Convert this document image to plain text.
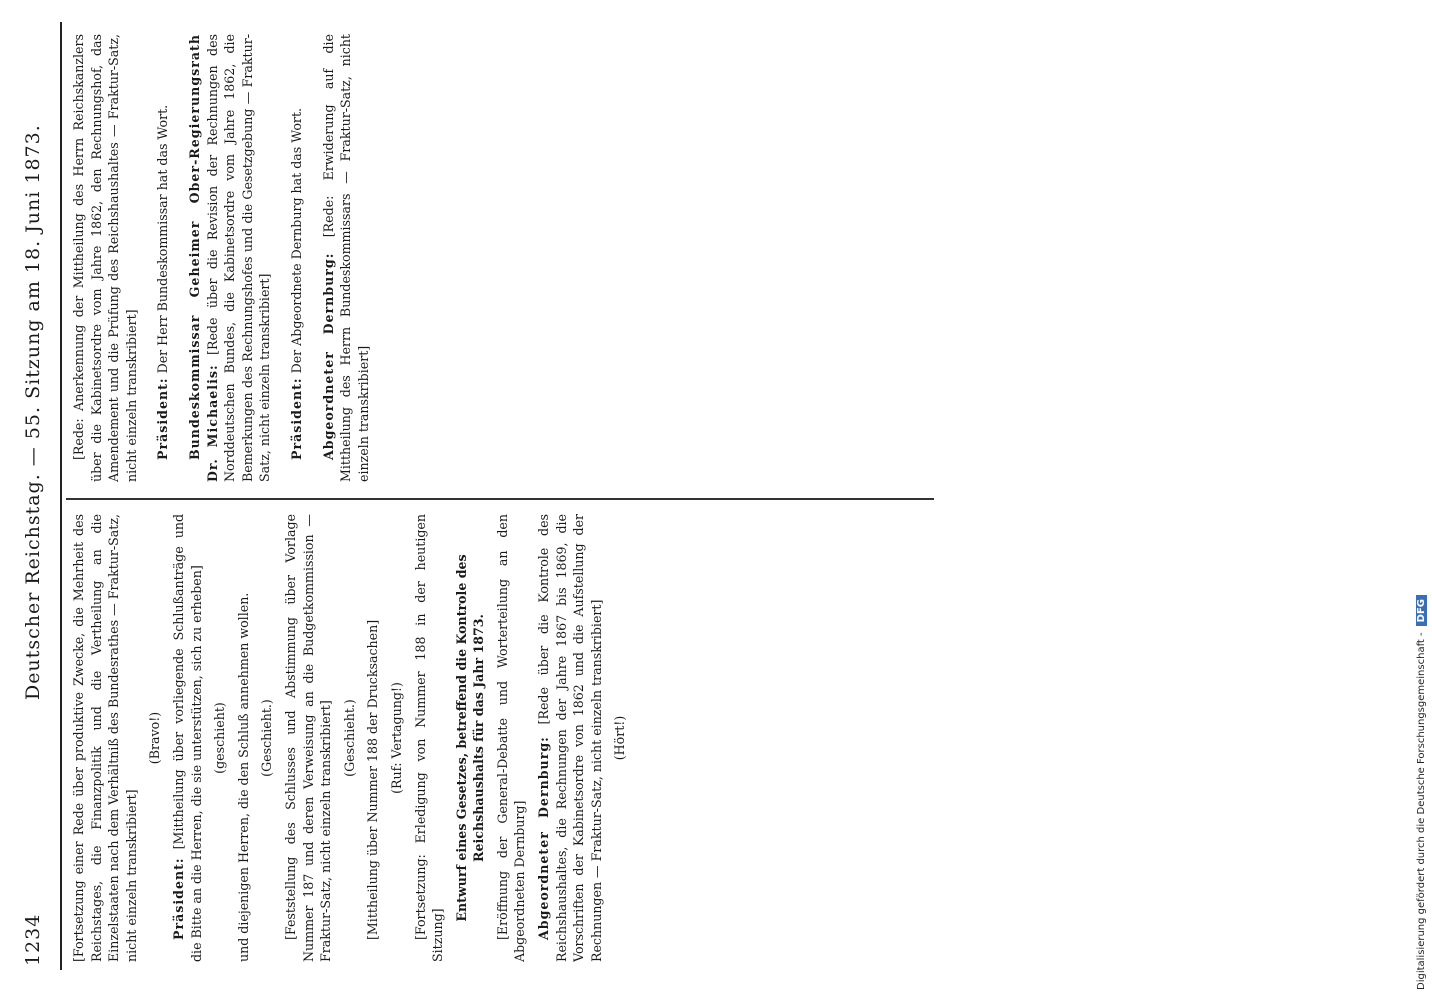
1234
Deutscher Reichstag. — 55. Sitzung am 18. Juni 1873.

[Fortsetzung einer Rede über produktive Zwecke, die Mehrheit des Reichstages, die Finanzpolitik und die Vertheilung an die Einzelstaaten nach dem Verhältniß des Bundesrathes — Fraktur-Satz, nicht einzeln transkribiert]

(Bravo!)

Präsident: [Mittheilung über vorliegende Schlußanträge und die Bitte an die Herren, die sie unterstützen, sich zu erheben] (geschieht) und diejenigen Herren, die den Schluß annehmen wollen. (Geschieht.) [Feststellung des Schlusses und Abstimmung über Vorlage Nummer 187 und deren Verweisung an die Budgetkommission — Fraktur-Satz, nicht einzeln transkribiert] (Geschieht.) [Mittheilung über Nummer 188 der Drucksachen] (Ruf: Vertagung!) [Fortsetzung: Erledigung von Nummer 188 in der heutigen Sitzung]

Entwurf eines Gesetzes, betreffend die Kontrole des Reichshaushalts für das Jahr 1873. [Eröffnung der General-Debatte und Worterteilung an den Abgeordneten Dernburg] Abgeordneter Dernburg: [Rede über die Kontrole des Reichshaushaltes, die Rechnungen der Jahre 1867 bis 1869, die Vorschriften der Kabinetsordre von 1862 und die Aufstellung der Rechnungen — Fraktur-Satz, nicht einzeln transkribiert] (Hört!)

[Rede: Anerkennung der Mittheilung des Herrn Reichskanzlers über die Kabinetsordre vom Jahre 1862, den Rechnungshof, das Amendement und die Prüfung des Reichshaushaltes — Fraktur-Satz, nicht einzeln transkribiert] Präsident: Der Herr Bundeskommissar hat das Wort. Bundeskommissar Geheimer Ober-Regierungsrath Dr. Michaelis: [Rede über die Revision der Rechnungen des Norddeutschen Bundes, die Kabinetsordre vom Jahre 1862, die Bemerkungen des Rechnungshofes und die Gesetzgebung — Fraktur-Satz, nicht einzeln transkribiert] Präsident: Der Abgeordnete Dernburg hat das Wort. Abgeordneter Dernburg: [Rede: Erwiderung auf die Mittheilung des Herrn Bundeskommissars — Fraktur-Satz, nicht einzeln transkribiert]

Digitalisierung gefördert durch die Deutsche Forschungsgemeinschaft -DFG
